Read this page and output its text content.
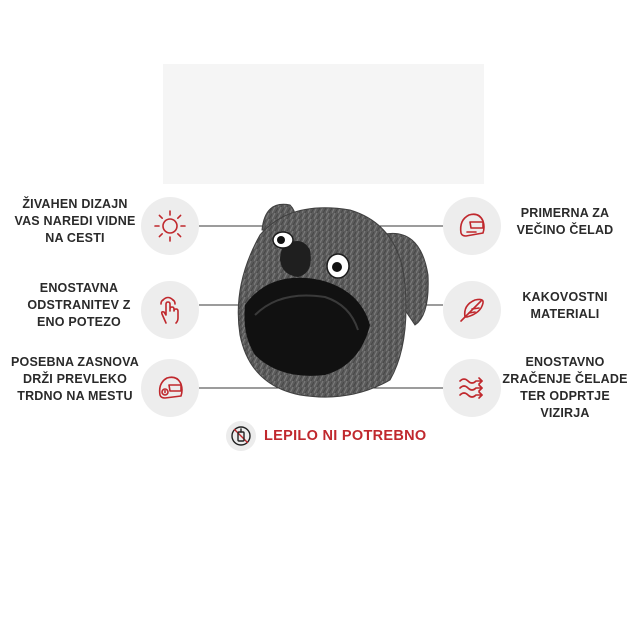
ŽIVAHEN DIZAJN VAS NAREDI VIDNE NA CESTI
ENOSTAVNA ODSTRANITEV Z ENO POTEZO
POSEBNA ZASNOVA DRŽI PREVLEKO TRDNO NA MESTU
PRIMERNA ZA VEČINO ČELAD
KAKOVOSTNI MATERIALI
ENOSTAVNO ZRAČENJE ČELADE TER ODPRTJE VIZIRJA
LEPILO NI POTREBNO
